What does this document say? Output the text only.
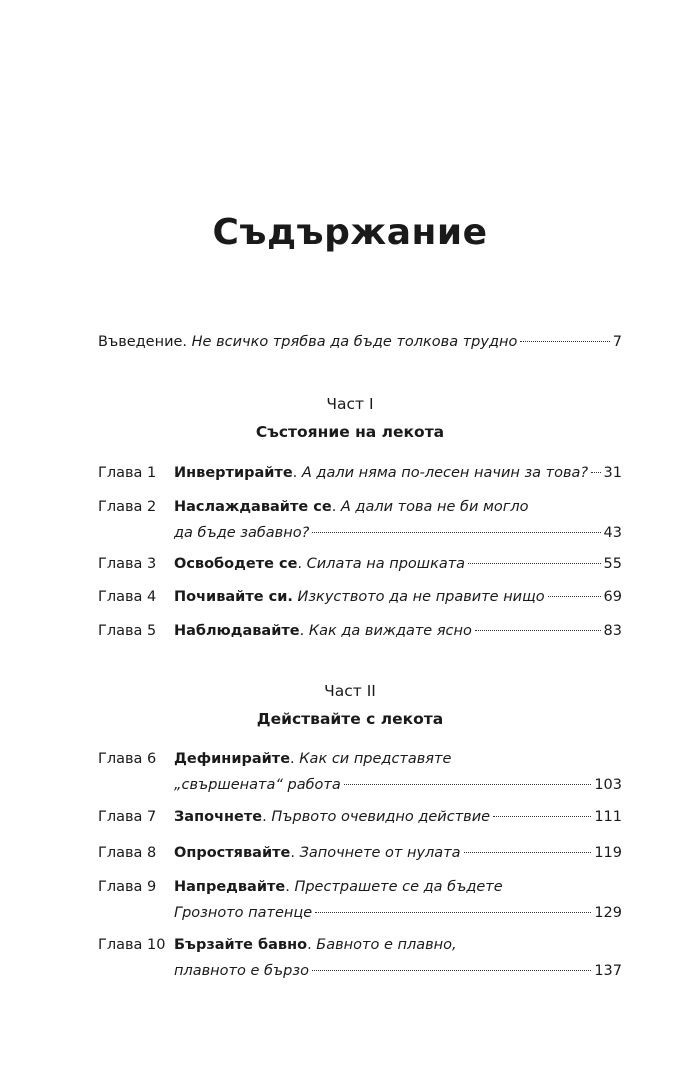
Съдържание
Въведение. Не всичко трябва да бъде толкова трудно	7
Част I
Състояние на лекота
Глава 1	Инвертирайте. А дали няма по-лесен начин за това? 31
Глава 2	Наслаждавайте се. А дали това не би могло
да бъде забавно?	43
Глава 3	Освободете се. Силата на прошката	55
Глава 4	Почивайте си. Изкуството да не правите нищо	69
Глава 5	Наблюдавайте. Как да виждате ясно	83
Част II
Действайте с лекота
Глава 6	Дефинирайте. Как си представяте
„свършената“ работа	103
Глава 7	Започнете. Първото очевидно действие	111
Глава 8	Опростявайте. Започнете от нулата	119
Глава 9	Напредвайте. Престрашете се да бъдете
Грозното патенце	129
Глава 10 Бързайте бавно. Бавното е плавно,
плавното е бързо	137
